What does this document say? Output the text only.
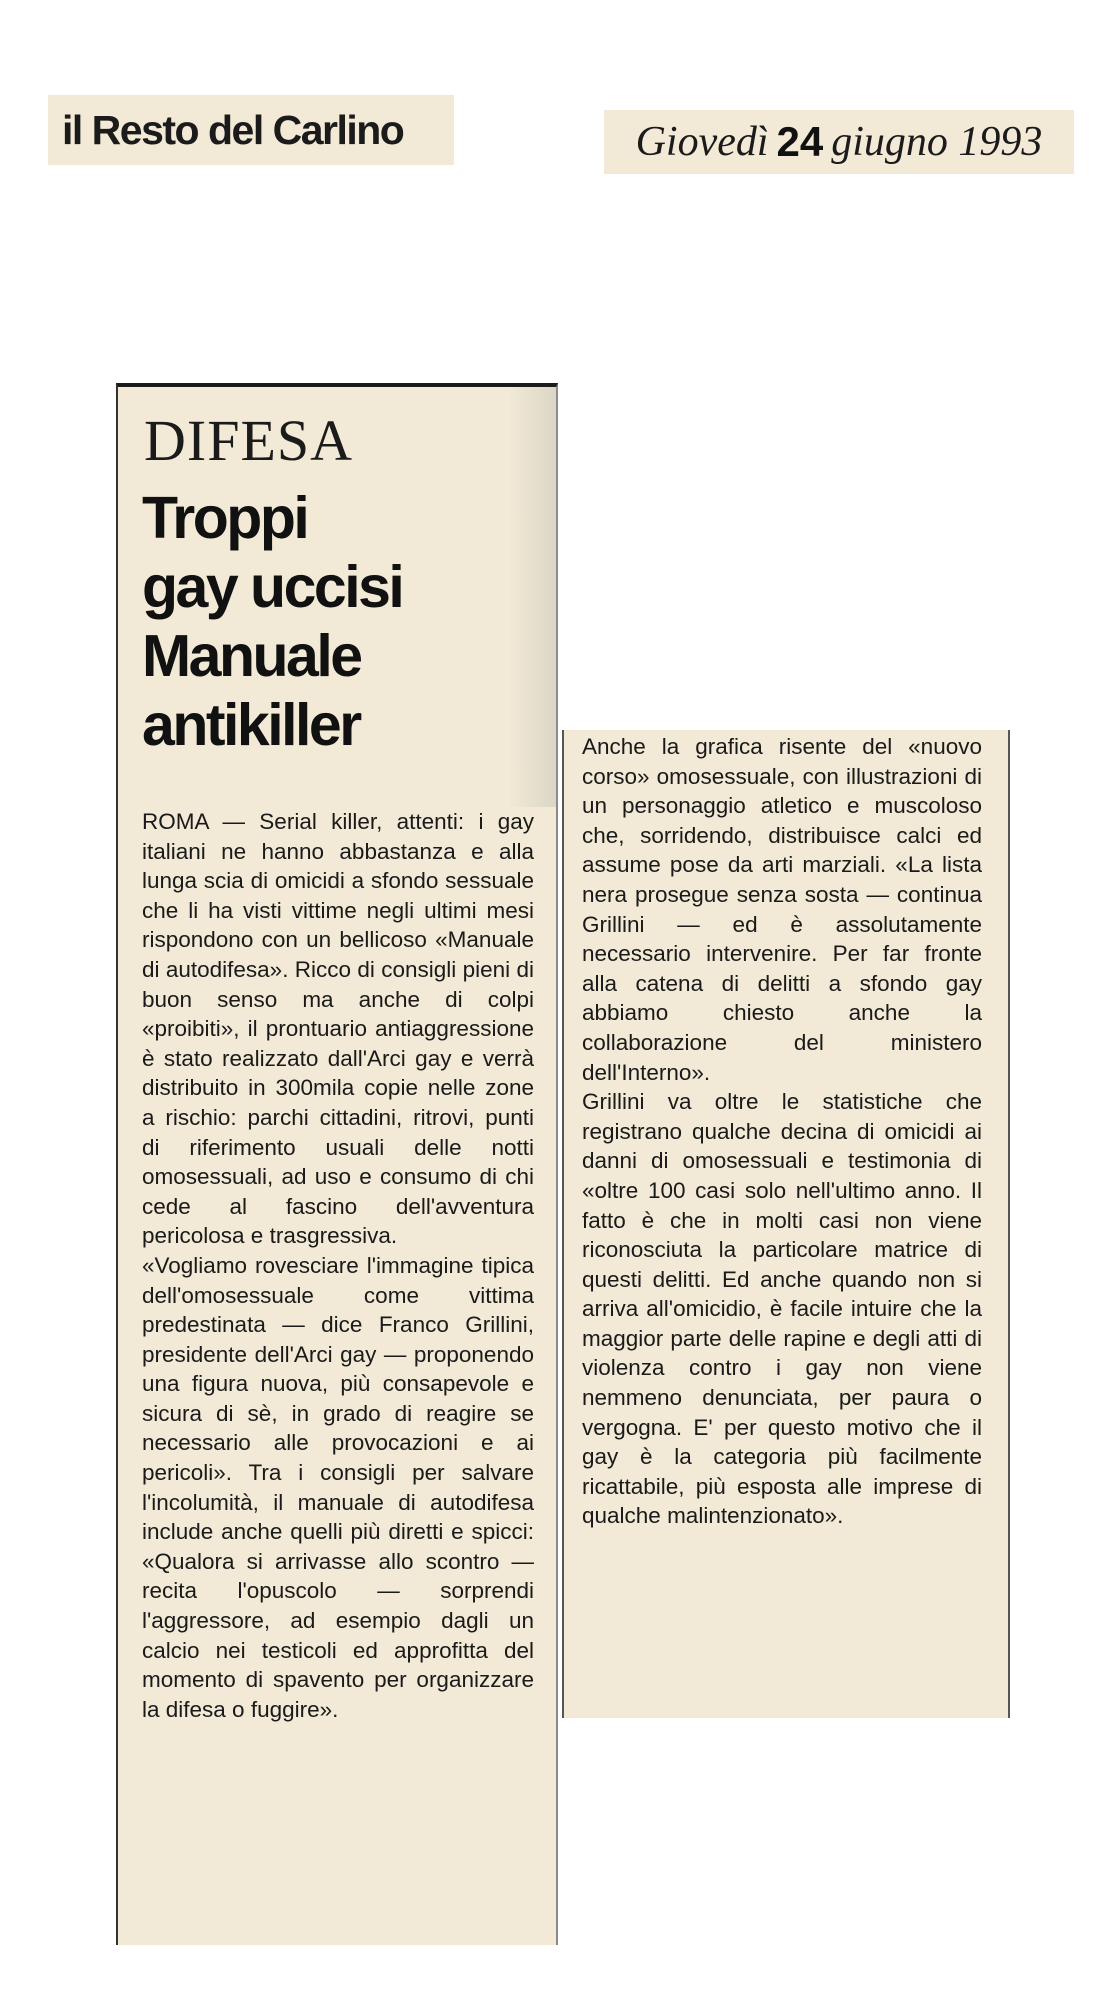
il Resto del Carlino	Giovedì 24 giugno 1993
DIFESA
Troppi
gay uccisi
Manuale
antikiller

ROMA — Serial killer, attenti: i gay italiani ne hanno abbastanza e alla lunga scia di omicidi a sfondo sessuale che li ha visti vittime negli ultimi mesi rispondono con un bellicoso «Manuale di autodifesa». Ricco di consigli pieni di buon senso ma anche di colpi «proibiti», il prontuario antiaggressione è stato realizzato dall'Arci gay e verrà distribuito in 300mila copie nelle zone a rischio: parchi cittadini, ritrovi, punti di riferimento usuali delle notti omosessuali, ad uso e consumo di chi cede al fascino dell'avventura pericolosa e trasgressiva.

«Vogliamo rovesciare l'immagine tipica dell'omosessuale come vittima predestinata — dice Franco Grillini, presidente dell'Arci gay — proponendo una figura nuova, più consapevole e sicura di sè, in grado di reagire se necessario alle provocazioni e ai pericoli». Tra i consigli per salvare l'incolumità, il manuale di autodifesa include anche quelli più diretti e spicci: «Qualora si arrivasse allo scontro — recita l'opuscolo — sorprendi l'aggressore, ad esempio dagli un calcio nei testicoli ed approfitta del momento di spavento per organizzare la difesa o fuggire».

Anche la grafica risente del «nuovo corso» omosessuale, con illustrazioni di un personaggio atletico e muscoloso che, sorridendo, distribuisce calci ed assume pose da arti marziali. «La lista nera prosegue senza sosta — continua Grillini — ed è assolutamente necessario intervenire. Per far fronte alla catena di delitti a sfondo gay abbiamo chiesto anche la collaborazione del ministero dell'Interno».

Grillini va oltre le statistiche che registrano qualche decina di omicidi ai danni di omosessuali e testimonia di «oltre 100 casi solo nell'ultimo anno. Il fatto è che in molti casi non viene riconosciuta la particolare matrice di questi delitti. Ed anche quando non si arriva all'omicidio, è facile intuire che la maggior parte delle rapine e degli atti di violenza contro i gay non viene nemmeno denunciata, per paura o vergogna. E' per questo motivo che il gay è la categoria più facilmente ricattabile, più esposta alle imprese di qualche malintenzionato».
